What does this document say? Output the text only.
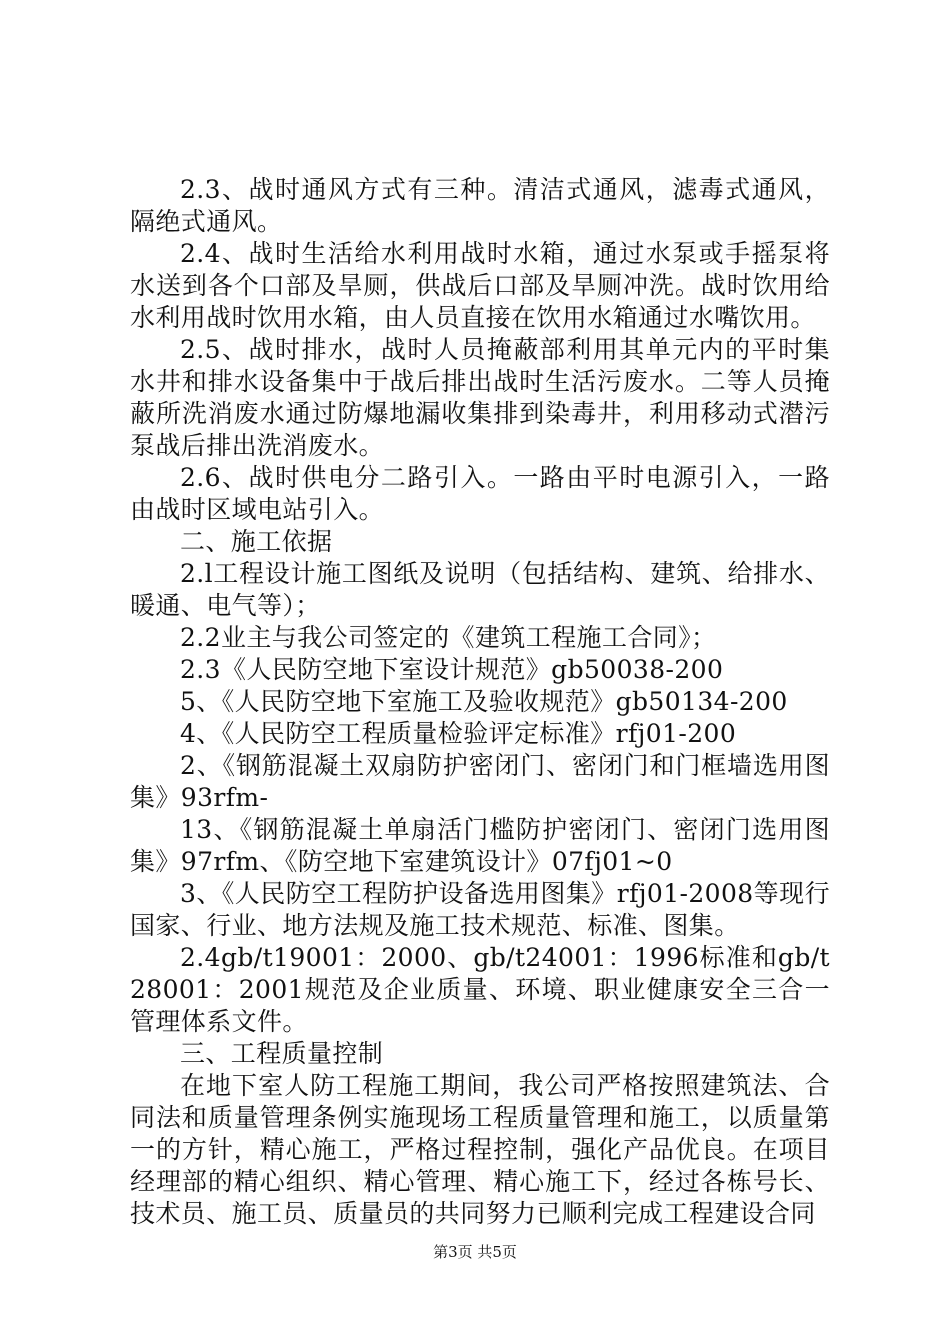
2.3、战时通风方式有三种。清洁式通风，滤毒式通风，隔绝式通风。

2.4、战时生活给水利用战时水箱，通过水泵或手摇泵将水送到各个口部及旱厕，供战后口部及旱厕冲洗。战时饮用给水利用战时饮用水箱，由人员直接在饮用水箱通过水嘴饮用。

2.5、战时排水，战时人员掩蔽部利用其单元内的平时集水井和排水设备集中于战后排出战时生活污废水。二等人员掩蔽所洗消废水通过防爆地漏收集排到染毒井，利用移动式潜污泵战后排出洗消废水。

2.6、战时供电分二路引入。一路由平时电源引入，一路由战时区域电站引入。

二、施工依据

2.l工程设计施工图纸及说明（包括结构、建筑、给排水、暖通、电气等）；

2.2业主与我公司签定的《建筑工程施工合同》；

2.3《人民防空地下室设计规范》gb50038-200

5、《人民防空地下室施工及验收规范》gb50134-200

4、《人民防空工程质量检验评定标准》rfj01-200

2、《钢筋混凝土双扇防护密闭门、密闭门和门框墙选用图集》93rfm-

13、《钢筋混凝土单扇活门槛防护密闭门、密闭门选用图集》97rfm、《防空地下室建筑设计》07fj01~0

3、《人民防空工程防护设备选用图集》rfj01-2008等现行国家、行业、地方法规及施工技术规范、标准、图集。

2.4gb/t19001：2000、gb/t24001：1996标准和gb/t28001：2001规范及企业质量、环境、职业健康安全三合一管理体系文件。

三、工程质量控制

在地下室人防工程施工期间，我公司严格按照建筑法、合同法和质量管理条例实施现场工程质量管理和施工，以质量第一的方针，精心施工，严格过程控制，强化产品优良。在项目经理部的精心组织、精心管理、精心施工下，经过各栋号长、技术员、施工员、质量员的共同努力已顺利完成工程建设合同

第3页 共5页
